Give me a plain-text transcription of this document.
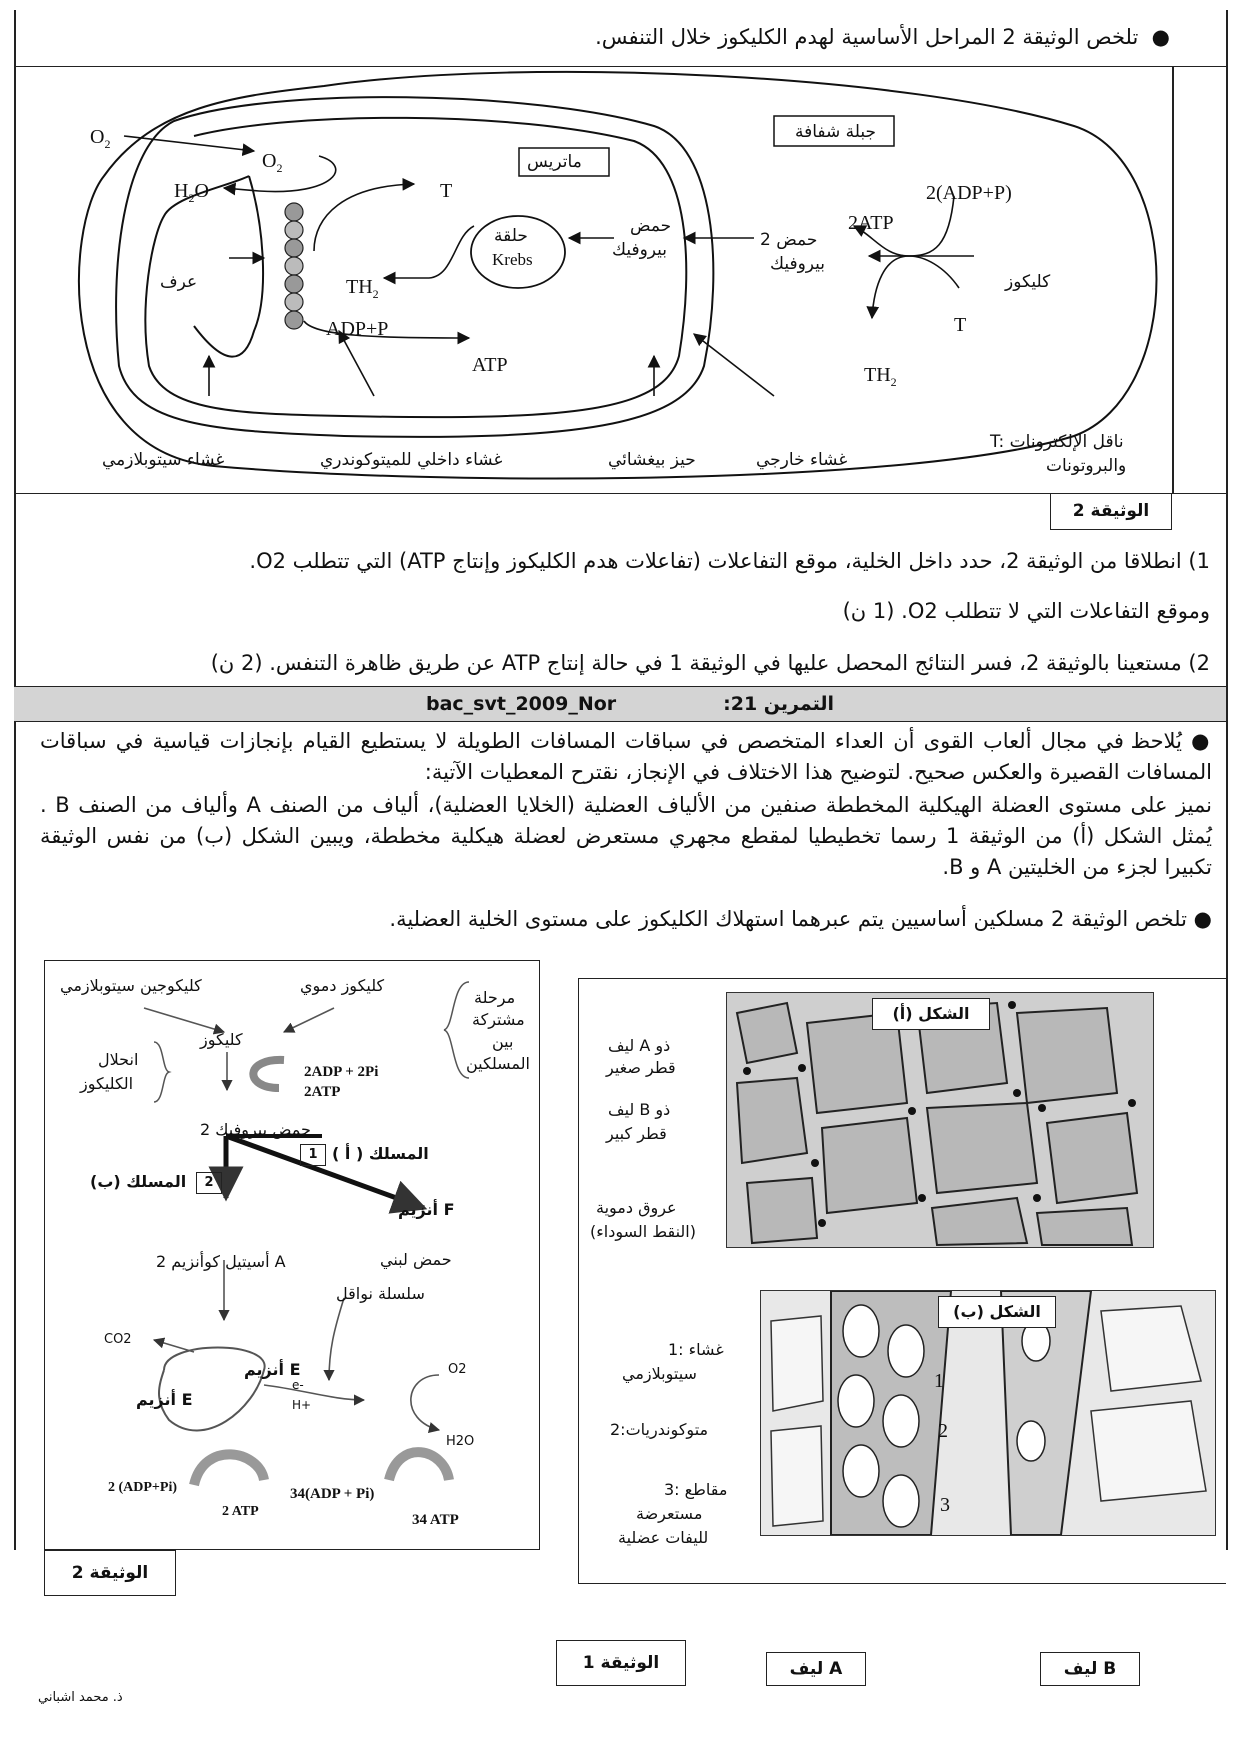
●  تلخص الوثيقة 2 المراحل الأساسية لهدم الكليكوز خلال التنفس.
جبلة شفافة
ماتريس
$O_2$
$O_2$
$H_2O$	T
حلقة
Krebs
حمض
بيروفيك	2 حمض
بيروفيك
2(ADP+P)
2ATP
كليكوز
T
$TH_2$
$TH_2$
ADP+P
ATP
عرف
غشاء سيتوبلازمي	غشاء داخلي للميتوكوندري	حيز بيغشائي	غشاء خارجي
T: ناقل الإلكترونات
والبروتونات
الوثيقة 2
1) انطلاقا من الوثيقة 2، حدد داخل الخلية، موقع التفاعلات (تفاعلات هدم الكليكوز وإنتاج ATP) التي تتطلب O2.
وموقع التفاعلات التي لا تتطلب O2. (1 ن)
2) مستعينا بالوثيقة 2، فسر النتائج المحصل عليها في الوثيقة 1 في حالة إنتاج ATP عن طريق ظاهرة التنفس. (2 ن)
bac_svt_2009_Nor	التمرين 21:
● يُلاحظ في مجال ألعاب القوى أن العداء المتخصص في سباقات المسافات الطويلة لا يستطيع القيام بإنجازات قياسية في سباقات المسافات القصيرة والعكس صحيح. لتوضيح هذا الاختلاف في الإنجاز، نقترح المعطيات الآتية:
نميز على مستوى العضلة الهيكلية المخططة صنفين من الألياف العضلية (الخلايا العضلية)، ألياف من الصنف A وألياف من الصنف B . يُمثل الشكل (أ) من الوثيقة 1 رسما تخطيطيا لمقطع مجهري مستعرض لعضلة هيكلية مخططة، ويبين الشكل (ب) من نفس الوثيقة تكبيرا لجزء من الخليتين A و B.
● تلخص الوثيقة 2 مسلكين أساسيين يتم عبرهما استهلاك الكليكوز على مستوى الخلية العضلية.
كليكوجين سيتوبلازمي	كليكوز دموي
كليكوز
مرحلة
مشتركة
بين
المسلكين
انحلال
الكليكوز
2ADP + 2Pi
2ATP
2 حمض بيروفيك
1 المسلك ( أ )
2
المسلك (ب)
أنزيم F
حمض لبني
2 أسيتيل كوأنزيم A
سلسلة نواقل
CO2
أنزيم E
أنزيم E
e-
H+
O2
H2O
2 (ADP+Pi)
2 ATP
34(ADP + Pi)
34 ATP
الوثيقة 2
الشكل (أ)
ليف A ذو
قطر صغير
ليف B ذو
قطر كبير
عروق دموية
(النقط السوداء)
الشكل (ب)
1: غشاء
سيتوبلازمي
2:متوكوندريات
3: مقاطع
مستعرضة
لليفات عضلية
1
2
3
ليف A	ليف B
الوثيقة 1
ذ. محمد اشباني
